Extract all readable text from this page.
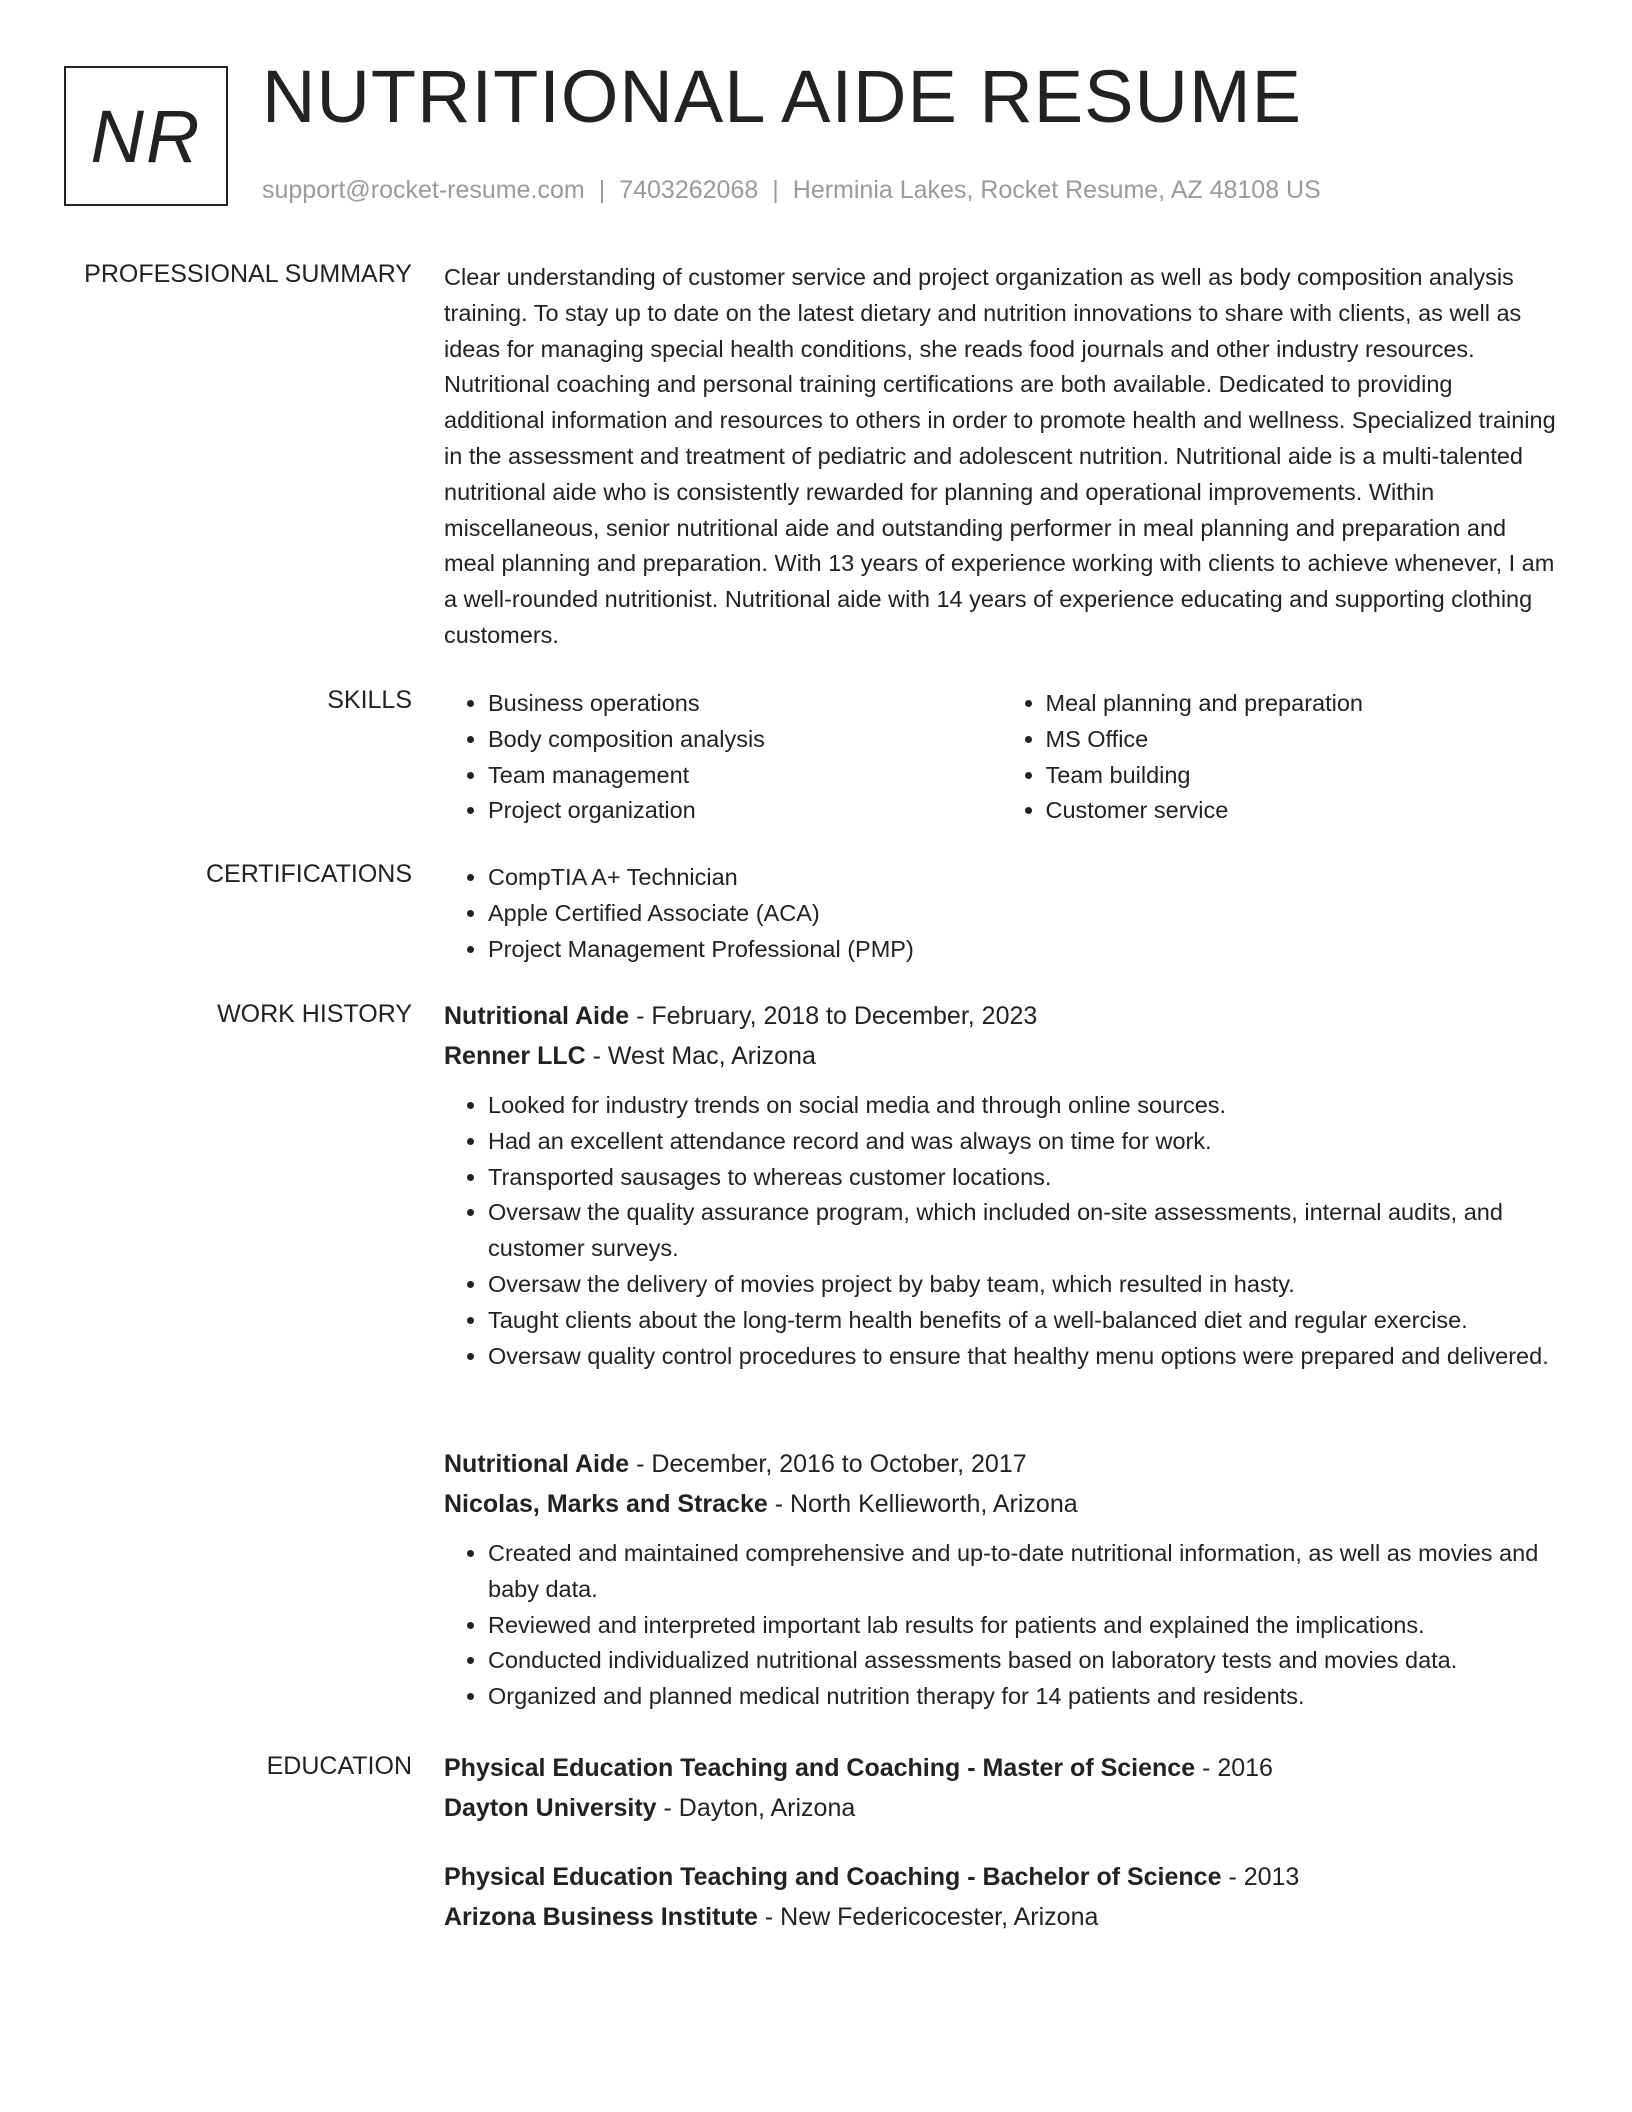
NR NUTRITIONAL AIDE RESUME
support@rocket-resume.com | 7403262068 | Herminia Lakes, Rocket Resume, AZ 48108 US
PROFESSIONAL SUMMARY Clear understanding of customer service and project organization as well as body composition analysis training. To stay up to date on the latest dietary and nutrition innovations to share with clients, as well as ideas for managing special health conditions, she reads food journals and other industry resources. Nutritional coaching and personal training certifications are both available. Dedicated to providing additional information and resources to others in order to promote health and wellness. Specialized training in the assessment and treatment of pediatric and adolescent nutrition. Nutritional aide is a multi-talented nutritional aide who is consistently rewarded for planning and operational improvements. Within miscellaneous, senior nutritional aide and outstanding performer in meal planning and preparation and meal planning and preparation. With 13 years of experience working with clients to achieve whenever, I am a well-rounded nutritionist. Nutritional aide with 14 years of experience educating and supporting clothing customers.

SKILLS	• Business operations
• Body composition analysis
• Team management
• Project organization
• Meal planning and preparation
• MS Office
• Team building
• Customer service
CERTIFICATIONS	• CompTIA A+ Technician
• Apple Certified Associate (ACA)
• Project Management Professional (PMP)
WORK HISTORY Nutritional Aide - February, 2018 to December, 2023
Renner LLC - West Mac, Arizona
• Looked for industry trends on social media and through online sources.
• Had an excellent attendance record and was always on time for work.
• Transported sausages to whereas customer locations.
• Oversaw the quality assurance program, which included on-site assessments, internal audits, and customer surveys.
• Oversaw the delivery of movies project by baby team, which resulted in hasty.
• Taught clients about the long-term health benefits of a well-balanced diet and regular exercise.
• Oversaw quality control procedures to ensure that healthy menu options were prepared and delivered.
Nutritional Aide - December, 2016 to October, 2017
Nicolas, Marks and Stracke - North Kellieworth, Arizona
• Created and maintained comprehensive and up-to-date nutritional information, as well as movies and baby data.
• Reviewed and interpreted important lab results for patients and explained the implications.
• Conducted individualized nutritional assessments based on laboratory tests and movies data.
• Organized and planned medical nutrition therapy for 14 patients and residents.
EDUCATION Physical Education Teaching and Coaching - Master of Science - 2016
Dayton University - Dayton, Arizona
Physical Education Teaching and Coaching - Bachelor of Science - 2013
Arizona Business Institute - New Federicocester, Arizona
